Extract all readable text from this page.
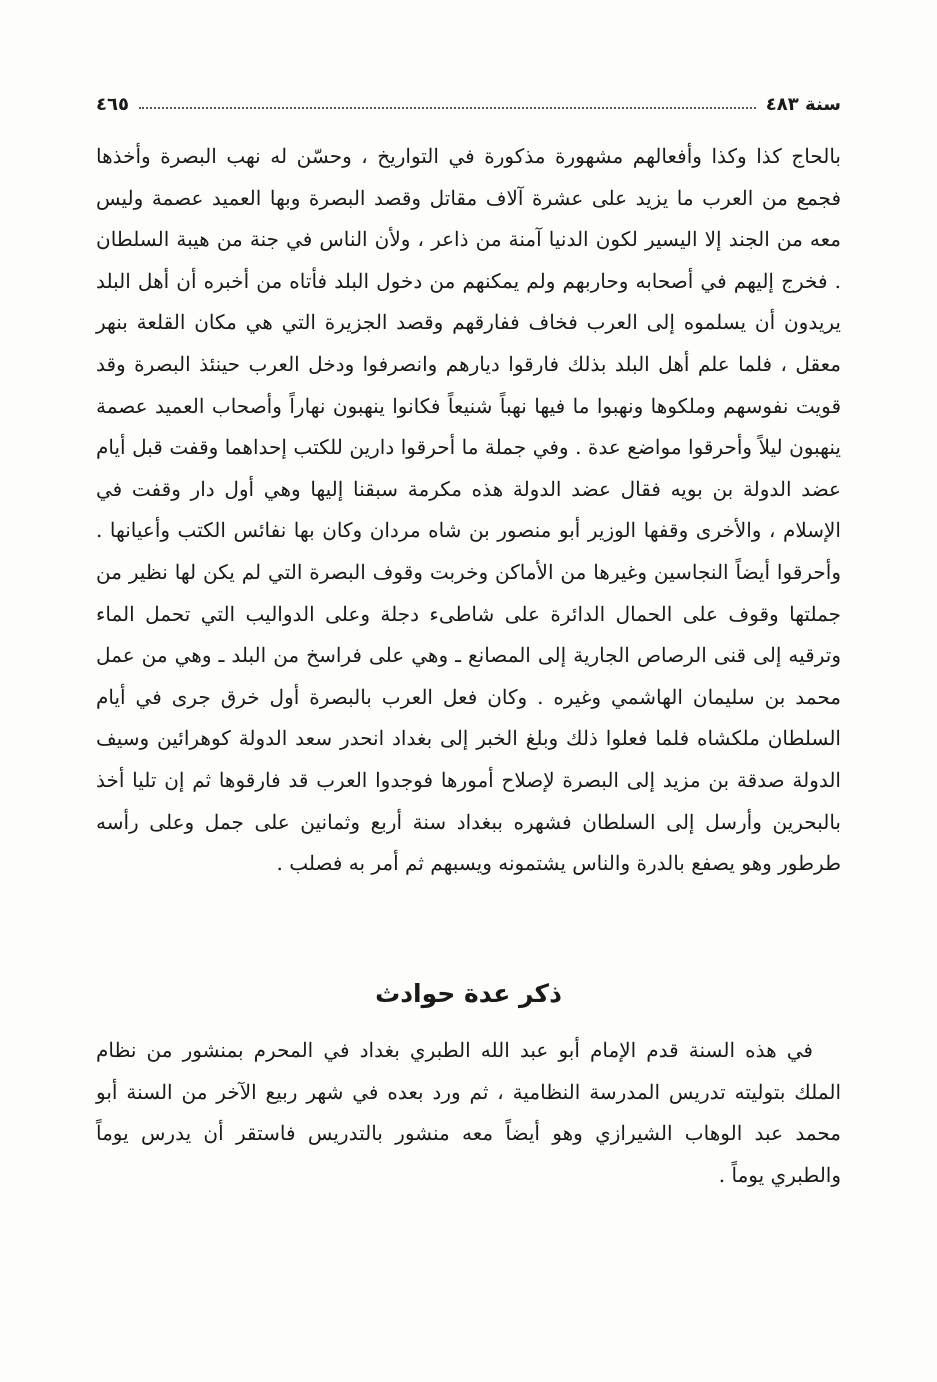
سنة ٤٨٣
٤٦٥

بالحاج كذا وكذا وأفعالهم مشهورة مذكورة في التواريخ ، وحسّن له نهب البصرة وأخذها فجمع من العرب ما يزيد على عشرة آلاف مقاتل وقصد البصرة وبها العميد عصمة وليس معه من الجند إلا اليسير لكون الدنيا آمنة من ذاعر ، ولأن الناس في جنة من هيبة السلطان . فخرج إليهم في أصحابه وحاربهم ولم يمكنهم من دخول البلد فأتاه من أخبره أن أهل البلد يريدون أن يسلموه إلى العرب فخاف ففارقهم وقصد الجزيرة التي هي مكان القلعة بنهر معقل ، فلما علم أهل البلد بذلك فارقوا ديارهم وانصرفوا ودخل العرب حينئذ البصرة وقد قويت نفوسهم وملكوها ونهبوا ما فيها نهباً شنيعاً فكانوا ينهبون نهاراً وأصحاب العميد عصمة ينهبون ليلاً وأحرقوا مواضع عدة . وفي جملة ما أحرقوا دارين للكتب إحداهما وقفت قبل أيام عضد الدولة بن بويه فقال عضد الدولة هذه مكرمة سبقنا إليها وهي أول دار وقفت في الإسلام ، والأخرى وقفها الوزير أبو منصور بن شاه مردان وكان بها نفائس الكتب وأعيانها . وأحرقوا أيضاً النجاسين وغيرها من الأماكن وخربت وقوف البصرة التي لم يكن لها نظير من جملتها وقوف على الحمال الدائرة على شاطىء دجلة وعلى الدواليب التي تحمل الماء وترقيه إلى قنى الرصاص الجارية إلى المصانع ـ وهي على فراسخ من البلد ـ وهي من عمل محمد بن سليمان الهاشمي وغيره . وكان فعل العرب بالبصرة أول خرق جرى في أيام السلطان ملكشاه فلما فعلوا ذلك وبلغ الخبر إلى بغداد انحدر سعد الدولة كوهرائين وسيف الدولة صدقة بن مزيد إلى البصرة لإصلاح أمورها فوجدوا العرب قد فارقوها ثم إن تليا أخذ بالبحرين وأرسل إلى السلطان فشهره ببغداد سنة أربع وثمانين على جمل وعلى رأسه طرطور وهو يصفع بالدرة والناس يشتمونه ويسبهم ثم أمر به فصلب .

ذكر عدة حوادث

في هذه السنة قدم الإمام أبو عبد الله الطبري بغداد في المحرم بمنشور من نظام الملك بتوليته تدريس المدرسة النظامية ، ثم ورد بعده في شهر ربيع الآخر من السنة أبو محمد عبد الوهاب الشيرازي وهو أيضاً معه منشور بالتدريس فاستقر أن يدرس يوماً والطبري يوماً .
